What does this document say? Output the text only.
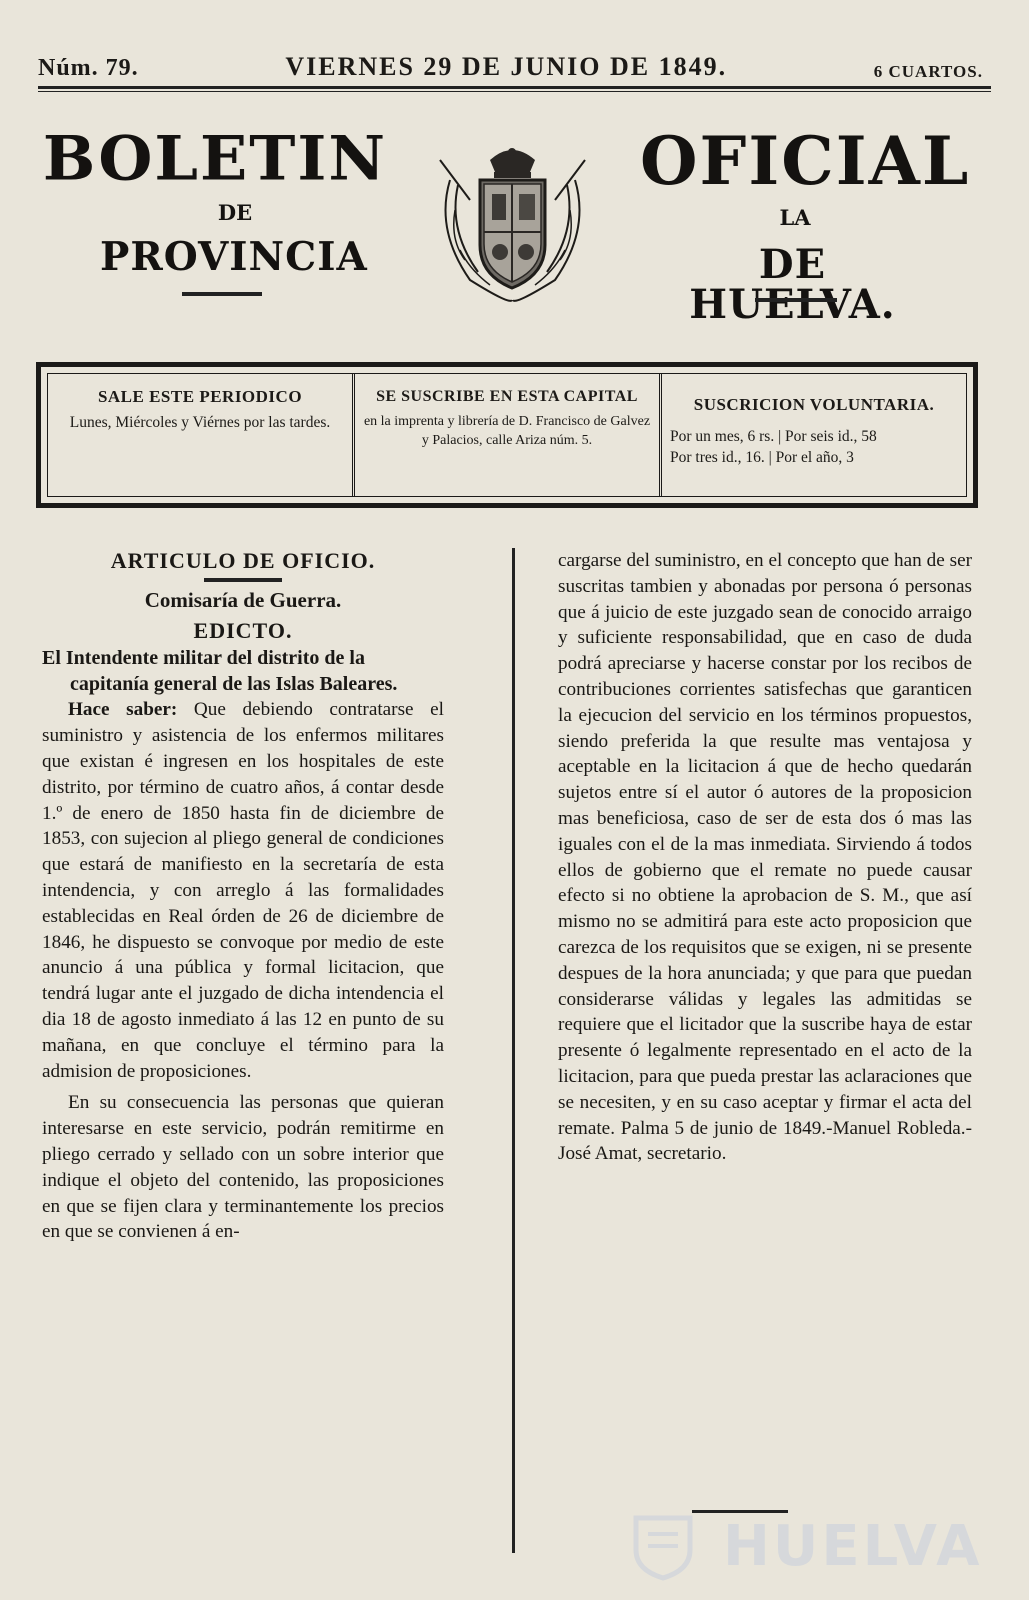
Núm. 79.	VIERNES 29 DE JUNIO DE 1849.	6 CUARTOS.
BOLETIN
DE
PROVINCIA
OFICIAL
LA
DE HUELVA.
SALE ESTE PERIODICO
Lunes, Miércoles y Viérnes por las tardes.
SE SUSCRIBE EN ESTA CAPITAL
en la imprenta y librería de D. Francisco de Galvez y Palacios, calle Ariza núm. 5.
SUSCRICION VOLUNTARIA.
Por un mes, 6 rs. | Por seis id., 58
Por tres id., 16. | Por el año, 3
ARTICULO DE OFICIO.
Comisaría de Guerra.
EDICTO.

El Intendente militar del distrito de la capitanía general de las Islas Baleares.

Hace saber: Que debiendo contratarse el suministro y asistencia de los enfermos militares que existan é ingresen en los hospitales de este distrito, por término de cuatro años, á contar desde 1.º de enero de 1850 hasta fin de diciembre de 1853, con sujecion al pliego general de condiciones que estará de manifiesto en la secretaría de esta intendencia, y con arreglo á las formalidades establecidas en Real órden de 26 de diciembre de 1846, he dispuesto se convoque por medio de este anuncio á una pública y formal licitacion, que tendrá lugar ante el juzgado de dicha intendencia el dia 18 de agosto inmediato á las 12 en punto de su mañana, en que concluye el término para la admision de proposiciones.

En su consecuencia las personas que quieran interesarse en este servicio, podrán remitirme en pliego cerrado y sellado con un sobre interior que indique el objeto del contenido, las proposiciones en que se fijen clara y terminantemente los precios en que se convienen á en-

cargarse del suministro, en el concepto que han de ser suscritas tambien y abonadas por persona ó personas que á juicio de este juzgado sean de conocido arraigo y suficiente responsabilidad, que en caso de duda podrá apreciarse y hacerse constar por los recibos de contribuciones corrientes satisfechas que garanticen la ejecucion del servicio en los términos propuestos, siendo preferida la que resulte mas ventajosa y aceptable en la licitacion á que de hecho quedarán sujetos entre sí el autor ó autores de la proposicion mas beneficiosa, caso de ser de esta dos ó mas las iguales con el de la mas inmediata. Sirviendo á todos ellos de gobierno que el remate no puede causar efecto si no obtiene la aprobacion de S. M., que así mismo no se admitirá para este acto proposicion que carezca de los requisitos que se exigen, ni se presente despues de la hora anunciada; y que para que puedan considerarse válidas y legales las admitidas se requiere que el licitador que la suscribe haya de estar presente ó legalmente representado en el acto de la licitacion, para que pueda prestar las aclaraciones que se necesiten, y en su caso aceptar y firmar el acta del remate. Palma 5 de junio de 1849.-Manuel Robleda.-José Amat, secretario.

HUELVA
